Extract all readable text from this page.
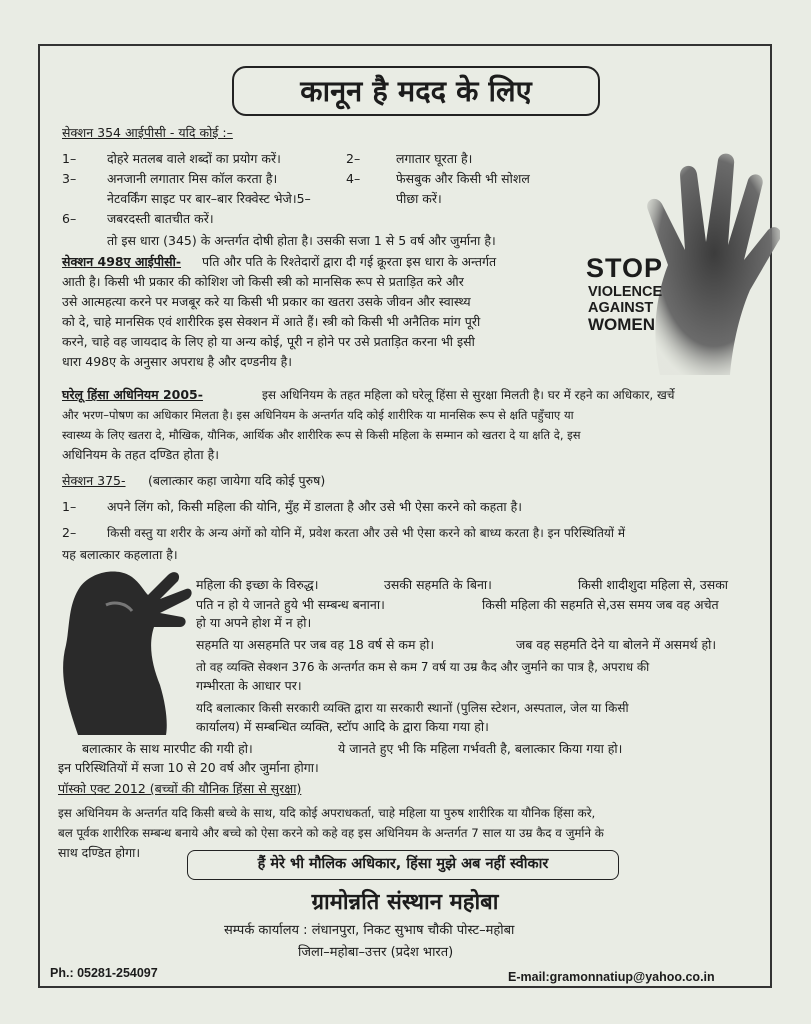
कानून है मदद के लिए
सेक्शन 354 आईपीसी - यदि कोई :–
1– दोहरे मतलब वाले शब्दों का प्रयोग करें।	2–	लगातार घूरता है।
3– अनजानी लगातार मिस कॉल करता है।	4–	फेसबुक और किसी भी सोशल
नेटवर्किंग साइट पर बार–बार रिक्वेस्ट भेजे।5–	पीछा करें।
6– जबरदस्ती बातचीत करें।
तो इस धारा (345) के अन्तर्गत दोषी होता है। उसकी सजा 1 से 5 वर्ष और जुर्माना है।
STOP
VIOLENCE
AGAINST
WOMEN
सेक्शन 498ए आईपीसी- पति और पति के रिश्तेदारों द्वारा दी गई क्रूरता इस धारा के अन्तर्गत
आती है। किसी भी प्रकार की कोशिश जो किसी स्त्री को मानसिक रूप से प्रताड़ित करे और
उसे आत्महत्या करने पर मजबूर करे या किसी भी प्रकार का खतरा उसके जीवन और स्वास्थ्य
को दे, चाहे मानसिक एवं शारीरिक इस सेक्शन में आते हैं। स्त्री को किसी भी अनैतिक मांग पूरी
करने, चाहे वह जायदाद के लिए हो या अन्य कोई, पूरी न होने पर उसे प्रताड़ित करना भी इसी
धारा 498ए के अनुसार अपराध है और दण्डनीय है।
घरेलू हिंसा अधिनियम 2005-	इस अधिनियम के तहत महिला को घरेलू हिंसा से सुरक्षा मिलती है। घर में रहने का अधिकार, खर्चे
और भरण–पोषण का अधिकार मिलता है। इस अधिनियम के अन्तर्गत यदि कोई शारीरिक या मानसिक रूप से क्षति पहुँचाए या
स्वास्थ्य के लिए खतरा दे, मौखिक, यौनिक, आर्थिक और शारीरिक रूप से किसी महिला के सम्मान को खतरा दे या क्षति दे, इस
अधिनियम के तहत दण्डित होता है।
सेक्शन 375- (बलात्कार कहा जायेगा यदि कोई पुरुष)
1– अपने लिंग को, किसी महिला की योनि, मुँह में डालता है और उसे भी ऐसा करने को कहता है।
2–	किसी वस्तु या शरीर के अन्य अंगों को योनि में, प्रवेश करता और उसे भी ऐसा करने को बाध्य करता है। इन परिस्थितियों में
यह बलात्कार कहलाता है।
महिला की इच्छा के विरुद्ध।	उसकी सहमति के बिना।	किसी शादीशुदा महिला से, उसका
पति न हो ये जानते हुये भी सम्बन्ध बनाना।	किसी महिला की सहमति से,उस समय जब वह अचेत
हो या अपने होश में न हो।
सहमति या असहमति पर जब वह 18 वर्ष से कम हो।	जब वह सहमति देने या बोलने में असमर्थ हो।
तो वह व्यक्ति सेक्शन 376 के अन्तर्गत कम से कम 7 वर्ष या उम्र कैद और जुर्माने का पात्र है, अपराध की
गम्भीरता के आधार पर।
यदि बलात्कार किसी सरकारी व्यक्ति द्वारा या सरकारी स्थानों (पुलिस स्टेशन, अस्पताल, जेल या किसी
कार्यालय) में सम्बन्धित व्यक्ति, स्टॉप आदि के द्वारा किया गया हो।
बलात्कार के साथ मारपीट की गयी हो।	ये जानते हुए भी कि महिला गर्भवती है, बलात्कार किया गया हो।
इन परिस्थितियों में सजा 10 से 20 वर्ष और जुर्माना होगा।
पॉस्को एक्ट 2012 (बच्चों की यौनिक हिंसा से सुरक्षा)
इस अधिनियम के अन्तर्गत यदि किसी बच्चे के साथ, यदि कोई अपराधकर्ता, चाहे महिला या पुरुष शारीरिक या यौनिक हिंसा करे,
बल पूर्वक शारीरिक सम्बन्ध बनाये और बच्चे को ऐसा करने को कहे वह इस अधिनियम के अन्तर्गत 7 साल या उम्र कैद व जुर्माने के
साथ दण्डित होगा।
हैं मेरे भी मौलिक अधिकार, हिंसा मुझे अब नहीं स्वीकार
ग्रामोन्नति संस्थान महोबा
सम्पर्क कार्यालय : लंधानपुरा, निकट सुभाष चौकी पोस्ट–महोबा
जिला–महोबा–उत्तर (प्रदेश भारत)
Ph.: 05281-254097	E-mail:gramonnatiup@yahoo.co.in
